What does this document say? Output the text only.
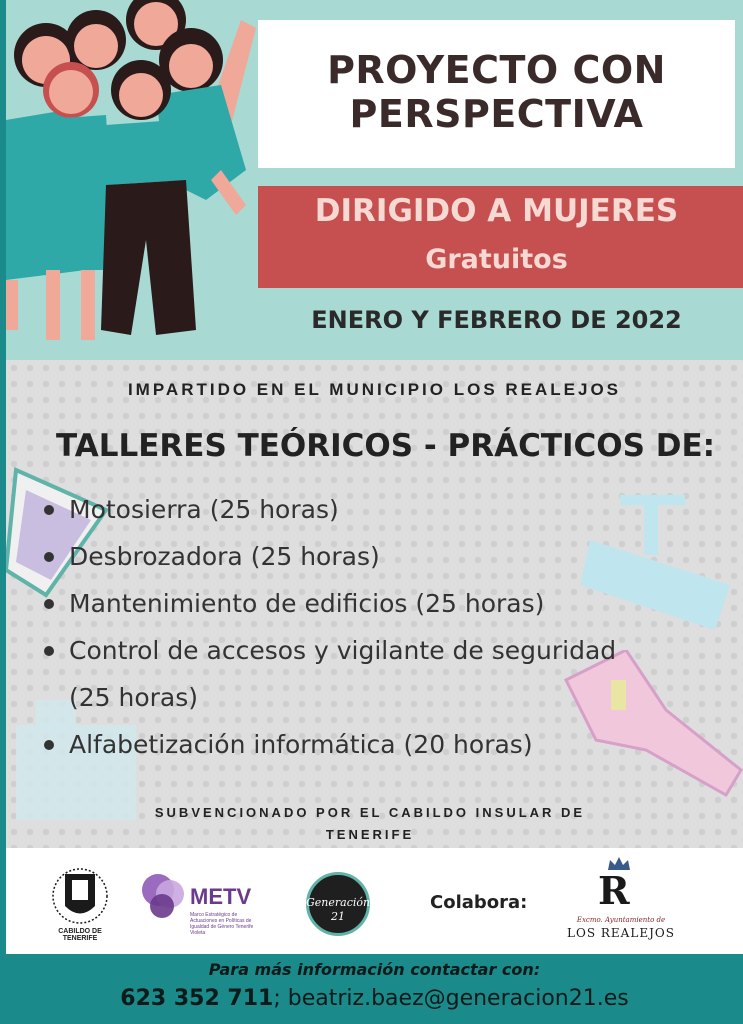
PROYECTO CON
PERSPECTIVA
DIRIGIDO A MUJERES
Gratuitos
ENERO Y FEBRERO DE 2022
IMPARTIDO EN EL MUNICIPIO LOS REALEJOS
TALLERES TEÓRICOS - PRÁCTICOS DE:
Motosierra (25 horas)
Desbrozadora (25 horas)
Mantenimiento de edificios (25 horas)
Control de accesos y vigilante de seguridad
(25 horas)
Alfabetización informática (20 horas)
SUBVENCIONADO POR EL CABILDO INSULAR DE
TENERIFE
CABILDO DE TENERIFE
METV
Marco Estratégico de Actuaciones en Políticas de Igualdad de Género Tenerife Violeta
Generación
21
Colabora: R
Excmo. Ayuntamiento de
LOS REALEJOS
Para más información contactar con:
623 352 711; beatriz.baez@generacion21.es
